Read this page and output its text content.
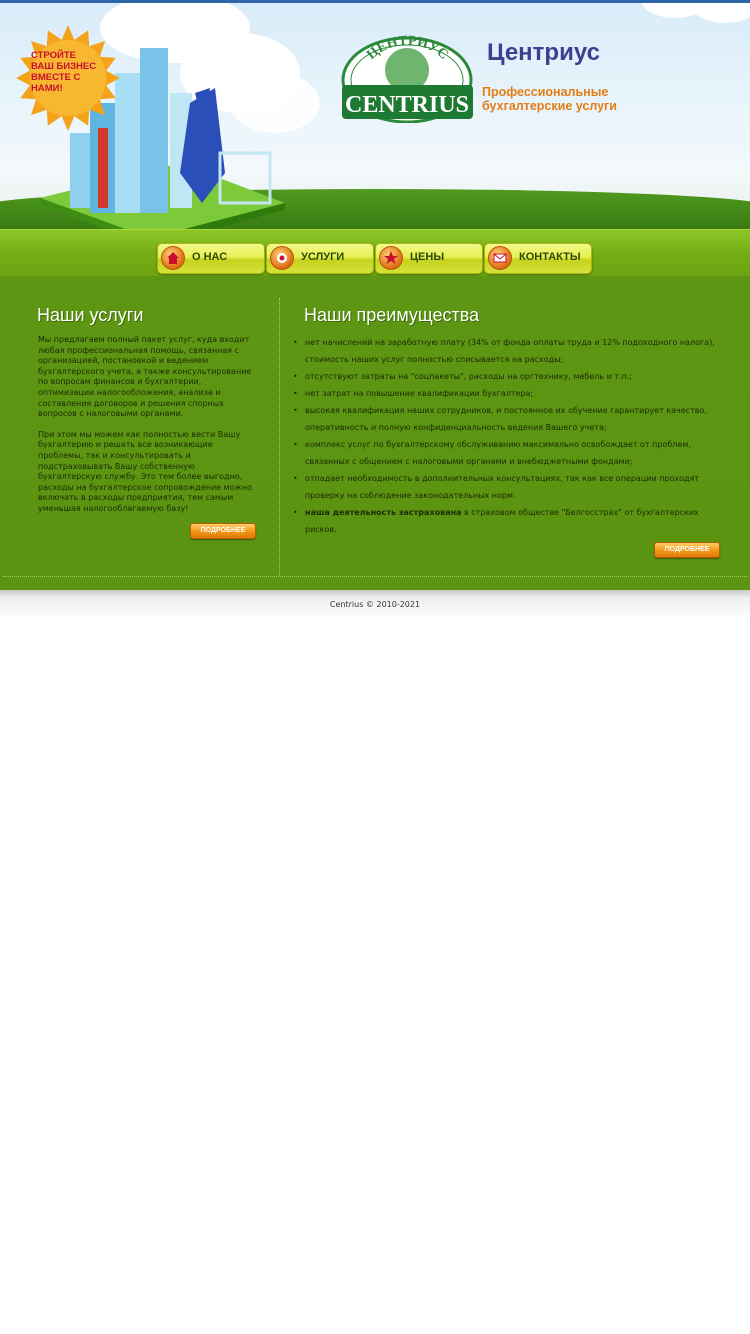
СТРОЙТЕ ВАШ БИЗНЕС ВМЕСТЕ С НАМИ!
ЦЕНТРИУС
CENTRIUS
Центриус
Профессиональные бухгалтерские услуги
О НАС	УСЛУГИ	ЦЕНЫ	КОНТАКТЫ
Наши услуги

Мы предлагаем полный пакет услуг, куда входит любая профессиональная помощь, связанная с организацией, постановкой и ведением бухгалтерского учета, а также консультирование по вопросам финансов и бухгалтерии, оптимизации налогообложения, анализа и составления договоров и решения спорных вопросов с налоговыми органами.

При этом мы можем как полностью вести Вашу бухгалтерию и решать все возникающие проблемы, так и консультировать и подстраховывать Вашу собственную бухгалтерскую службу. Это тем более выгодно, расходы на бухгалтерское сопровождение можно включать в расходы предприятия, тем самым уменьшая налогооблагаемую базу!

ПОДРОБНЕЕ
Наши преимущества
• нет начислений на заработную плату (34% от фонда оплаты труда и 12% подоходного налога), стоимость наших услуг полностью списывается на расходы;
• отсутствуют затраты на "соцпакеты", расходы на оргтехнику, мебель и т.п.;
• нет затрат на повышение квалификации бухгалтера;
• высокая квалификация наших сотрудников, и постоянное их обучение гарантирует качество, оперативность и полную конфиденциальность ведения Вашего учета;
• комплекс услуг по бухгалтерскому обслуживанию максимально освобождает от проблем, связанных с общением с налоговыми органами и внебюджетными фондами;
• отпадает необходимость в дополнительных консультациях, так как все операции проходят проверку на соблюдение законодательных норм.
• наша деятельность застрахована в страховом обществе "Белгосстрах" от бухгалтерских рисков.
ПОДРОБНЕЕ
Centrius © 2010-2021
